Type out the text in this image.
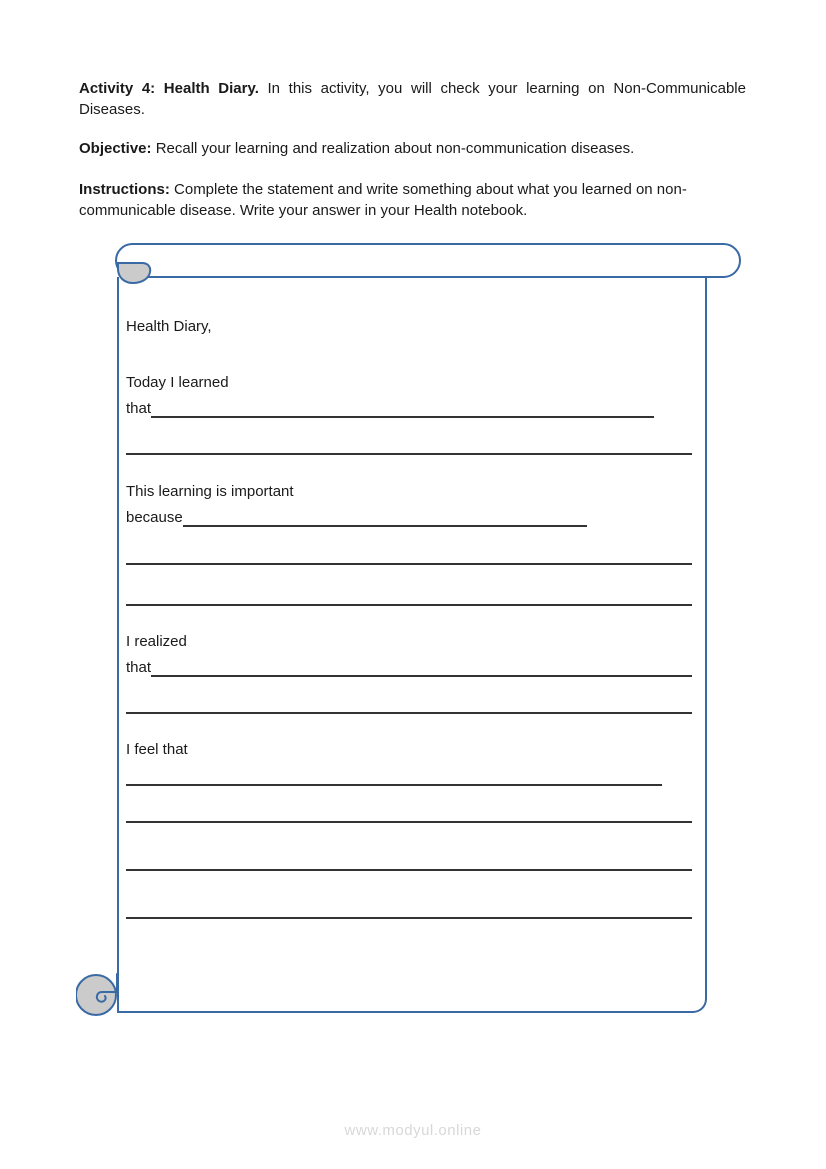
Activity 4: Health Diary. In this activity, you will check your learning on Non-Communicable Diseases.

Objective: Recall your learning and realization about non-communication diseases.

Instructions: Complete the statement and write something about what you learned on non-communicable disease. Write your answer in your Health notebook.

Health Diary,
Today I learned
that
This learning is important
because
I realized
that
I feel that
www.modyul.online
